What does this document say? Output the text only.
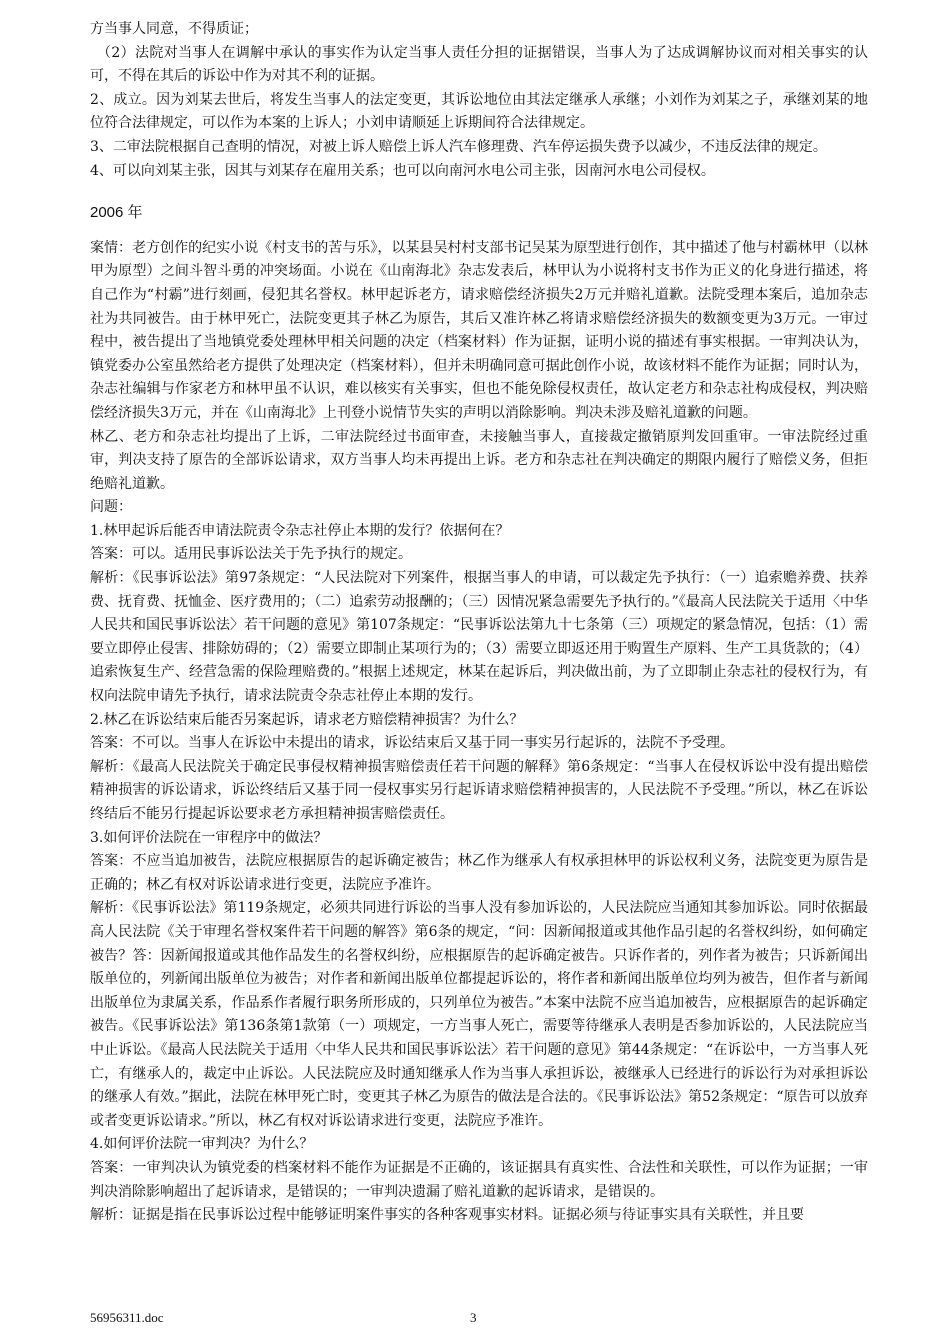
方当事人同意，不得质证；

（2）法院对当事人在调解中承认的事实作为认定当事人责任分担的证据错误，当事人为了达成调解协议而对相关事实的认可，不得在其后的诉讼中作为对其不利的证据。

2、成立。因为刘某去世后，将发生当事人的法定变更，其诉讼地位由其法定继承人承继；小刘作为刘某之子，承继刘某的地位符合法律规定，可以作为本案的上诉人；小刘申请顺延上诉期间符合法律规定。

3、二审法院根据自己查明的情况，对被上诉人赔偿上诉人汽车修理费、汽车停运损失费予以减少，不违反法律的规定。

4、可以向刘某主张，因其与刘某存在雇用关系；也可以向南河水电公司主张，因南河水电公司侵权。

2006 年

案情：老方创作的纪实小说《村支书的苦与乐》，以某县吴村村支部书记吴某为原型进行创作，其中描述了他与村霸林甲（以林甲为原型）之间斗智斗勇的冲突场面。小说在《山南海北》杂志发表后，林甲认为小说将村支书作为正义的化身进行描述，将自己作为“村霸”进行刻画，侵犯其名誉权。林甲起诉老方，请求赔偿经济损失2万元并赔礼道歉。法院受理本案后，追加杂志社为共同被告。由于林甲死亡，法院变更其子林乙为原告，其后又准许林乙将请求赔偿经济损失的数额变更为3万元。一审过程中，被告提出了当地镇党委处理林甲相关问题的决定（档案材料）作为证据，证明小说的描述有事实根据。一审判决认为，镇党委办公室虽然给老方提供了处理决定（档案材料），但并未明确同意可据此创作小说，故该材料不能作为证据；同时认为，杂志社编辑与作家老方和林甲虽不认识，难以核实有关事实，但也不能免除侵权责任，故认定老方和杂志社构成侵权，判决赔偿经济损失3万元，并在《山南海北》上刊登小说情节失实的声明以消除影响。判决未涉及赔礼道歉的问题。

林乙、老方和杂志社均提出了上诉，二审法院经过书面审查，未接触当事人，直接裁定撤销原判发回重审。一审法院经过重审，判决支持了原告的全部诉讼请求，双方当事人均未再提出上诉。老方和杂志社在判决确定的期限内履行了赔偿义务，但拒绝赔礼道歉。

问题：

1.林甲起诉后能否申请法院责令杂志社停止本期的发行？依据何在？

答案：可以。适用民事诉讼法关于先予执行的规定。

解析：《民事诉讼法》第97条规定：“人民法院对下列案件，根据当事人的申请，可以裁定先予执行：（一）追索赡养费、扶养费、抚育费、抚恤金、医疗费用的；（二）追索劳动报酬的；（三）因情况紧急需要先予执行的。”《最高人民法院关于适用〈中华人民共和国民事诉讼法〉若干问题的意见》第107条规定：“民事诉讼法第九十七条第（三）项规定的紧急情况，包括：（1）需要立即停止侵害、排除妨碍的；（2）需要立即制止某项行为的；（3）需要立即返还用于购置生产原料、生产工具货款的；（4）追索恢复生产、经营急需的保险理赔费的。”根据上述规定，林某在起诉后，判决做出前，为了立即制止杂志社的侵权行为，有权向法院申请先予执行，请求法院责令杂志社停止本期的发行。

2.林乙在诉讼结束后能否另案起诉，请求老方赔偿精神损害？为什么？

答案：不可以。当事人在诉讼中未提出的请求，诉讼结束后又基于同一事实另行起诉的，法院不予受理。

解析：《最高人民法院关于确定民事侵权精神损害赔偿责任若干问题的解释》第6条规定：“当事人在侵权诉讼中没有提出赔偿精神损害的诉讼请求，诉讼终结后又基于同一侵权事实另行起诉请求赔偿精神损害的，人民法院不予受理。”所以，林乙在诉讼终结后不能另行提起诉讼要求老方承担精神损害赔偿责任。

3.如何评价法院在一审程序中的做法？

答案：不应当追加被告，法院应根据原告的起诉确定被告；林乙作为继承人有权承担林甲的诉讼权利义务，法院变更为原告是正确的；林乙有权对诉讼请求进行变更，法院应予准许。

解析：《民事诉讼法》第119条规定，必须共同进行诉讼的当事人没有参加诉讼的，人民法院应当通知其参加诉讼。同时依据最高人民法院《关于审理名誉权案件若干问题的解答》第6条的规定，“问：因新闻报道或其他作品引起的名誉权纠纷，如何确定被告？答：因新闻报道或其他作品发生的名誉权纠纷，应根据原告的起诉确定被告。只诉作者的，列作者为被告；只诉新闻出版单位的，列新闻出版单位为被告；对作者和新闻出版单位都提起诉讼的，将作者和新闻出版单位均列为被告，但作者与新闻出版单位为隶属关系，作品系作者履行职务所形成的，只列单位为被告。”本案中法院不应当追加被告，应根据原告的起诉确定被告。《民事诉讼法》第136条第1款第（一）项规定，一方当事人死亡，需要等待继承人表明是否参加诉讼的，人民法院应当中止诉讼。《最高人民法院关于适用〈中华人民共和国民事诉讼法〉若干问题的意见》第44条规定：“在诉讼中，一方当事人死亡，有继承人的，裁定中止诉讼。人民法院应及时通知继承人作为当事人承担诉讼，被继承人已经进行的诉讼行为对承担诉讼的继承人有效。”据此，法院在林甲死亡时，变更其子林乙为原告的做法是合法的。《民事诉讼法》第52条规定：“原告可以放弃或者变更诉讼请求。”所以，林乙有权对诉讼请求进行变更，法院应予准许。

4.如何评价法院一审判决？为什么？

答案：一审判决认为镇党委的档案材料不能作为证据是不正确的，该证据具有真实性、合法性和关联性，可以作为证据；一审判决消除影响超出了起诉请求，是错误的；一审判决遗漏了赔礼道歉的起诉请求，是错误的。

解析：证据是指在民事诉讼过程中能够证明案件事实的各种客观事实材料。证据必须与待证事实具有关联性，并且要

56956311.doc	3
